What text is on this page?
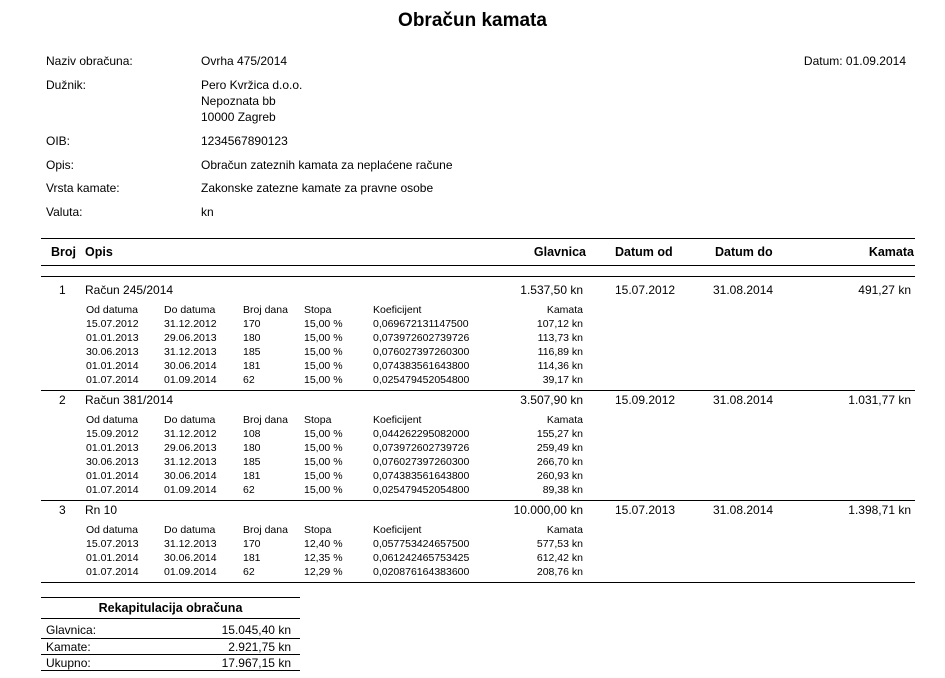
Obračun kamata
Datum: 01.09.2014
Naziv obračuna:	Ovrha 475/2014
Dužnik:	Pero Kvržica d.o.o.
Nepoznata bb
10000 Zagreb
OIB:	1234567890123
Opis:	Obračun zateznih kamata za neplaćene račune
Vrsta kamate:	Zakonske zatezne kamate za pravne osobe
Valuta:	kn
Broj Opis	Glavnica Datum od	Datum do	Kamata
1 Račun 245/2014	1.537,50 kn	15.07.2012	31.08.2014	491,27 kn
Od datuma Do datuma	Broj dana Stopa	Koeficijent	Kamata
15.07.2012 31.12.2012	170	15,00 %	0,069672131147500	107,12 kn
01.01.2013 29.06.2013	180	15,00 %	0,073972602739726	113,73 kn
30.06.2013 31.12.2013	185	15,00 %	0,076027397260300	116,89 kn
01.01.2014 30.06.2014	181	15,00 %	0,074383561643800	114,36 kn
01.07.2014 01.09.2014	62	15,00 %	0,025479452054800	39,17 kn
2 Račun 381/2014	3.507,90 kn	15.09.2012	31.08.2014	1.031,77 kn
Od datuma Do datuma	Broj dana Stopa	Koeficijent	Kamata
15.09.2012 31.12.2012	108	15,00 %	0,044262295082000	155,27 kn
01.01.2013 29.06.2013	180	15,00 %	0,073972602739726	259,49 kn
30.06.2013 31.12.2013	185	15,00 %	0,076027397260300	266,70 kn
01.01.2014 30.06.2014	181	15,00 %	0,074383561643800	260,93 kn
01.07.2014 01.09.2014	62	15,00 %	0,025479452054800	89,38 kn
3 Rn 10	10.000,00 kn	15.07.2013	31.08.2014	1.398,71 kn
Od datuma Do datuma	Broj dana Stopa	Koeficijent	Kamata
15.07.2013 31.12.2013	170	12,40 %	0,057753424657500	577,53 kn
01.01.2014 30.06.2014	181	12,35 %	0,061242465753425	612,42 kn
01.07.2014 01.09.2014	62	12,29 %	0,020876164383600	208,76 kn
Rekapitulacija obračuna
Glavnica:	15.045,40 kn
Kamate:	2.921,75 kn
Ukupno:	17.967,15 kn
